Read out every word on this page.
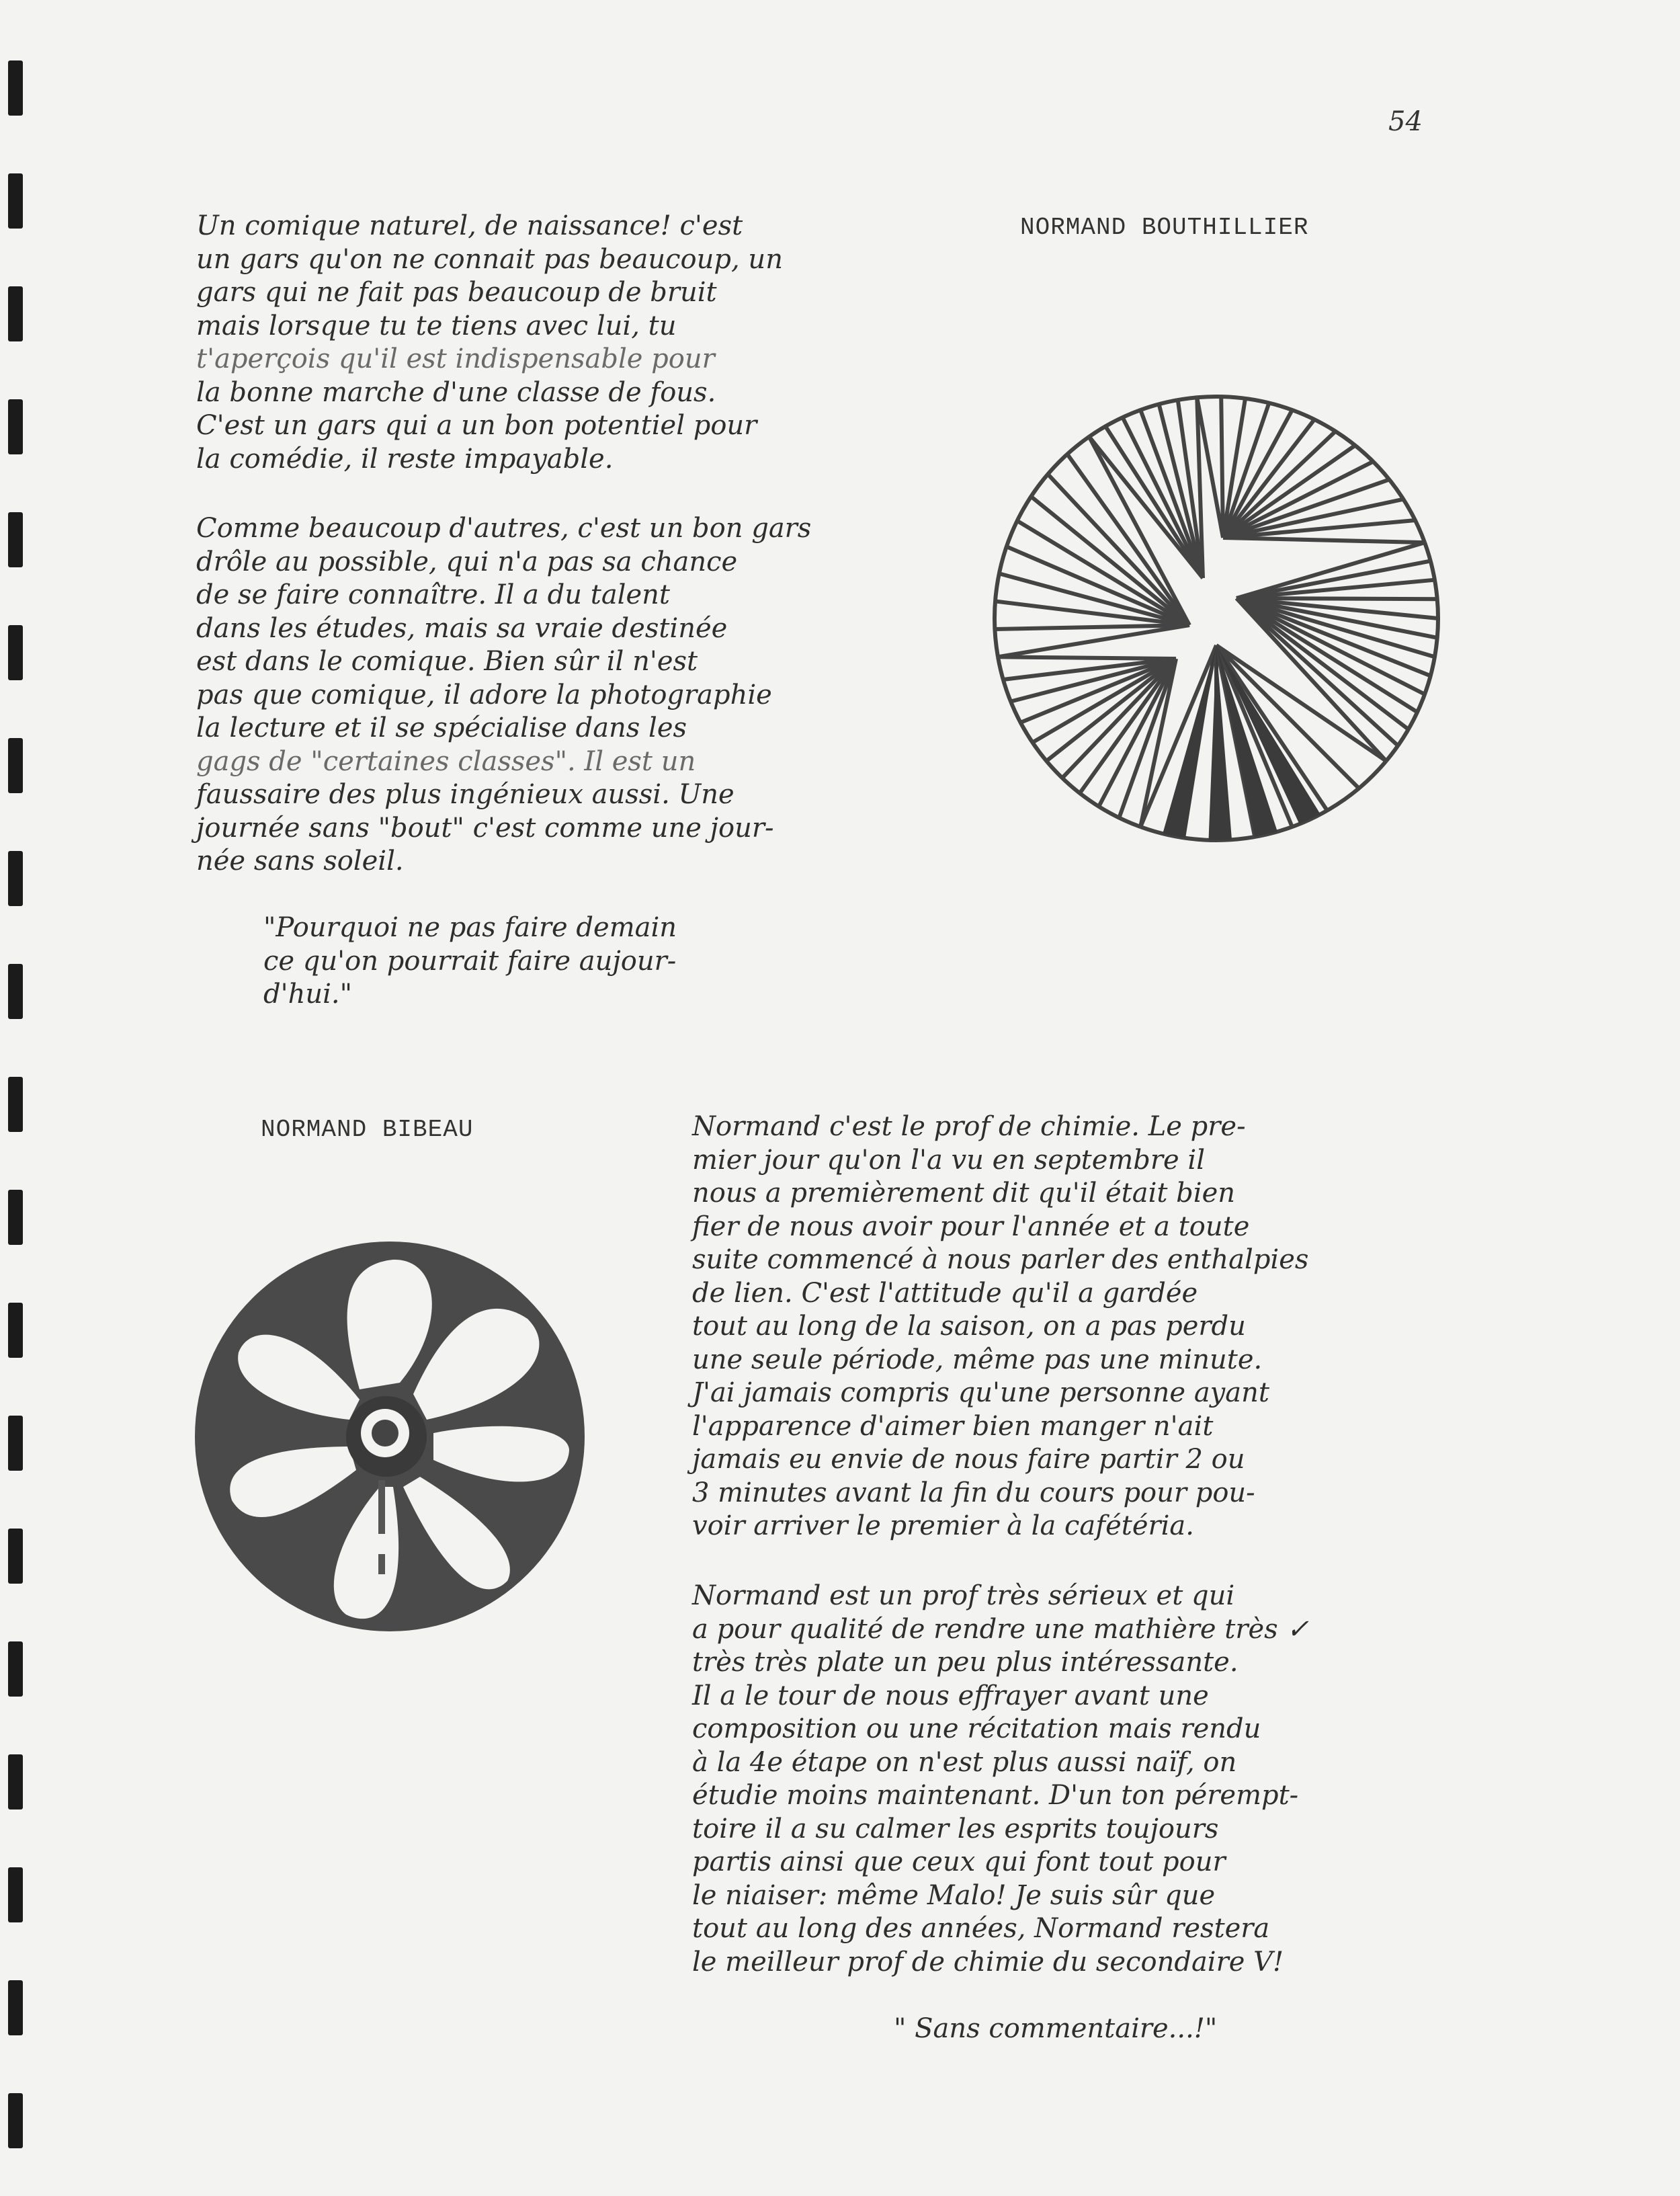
54
NORMAND BOUTHILLIER
Un comique naturel, de naissance! c'est
un gars qu'on ne connait pas beaucoup, un
gars qui ne fait pas beaucoup de bruit
mais lorsque tu te tiens avec lui, tu
t'aperçois qu'il est indispensable pour
la bonne marche d'une classe de fous.
C'est un gars qui a un bon potentiel pour
la comédie, il reste impayable.
Comme beaucoup d'autres, c'est un bon gars
drôle au possible, qui n'a pas sa chance
de se faire connaître. Il a du talent
dans les études, mais sa vraie destinée
est dans le comique. Bien sûr il n'est
pas que comique, il adore la photographie
la lecture et il se spécialise dans les
gags de "certaines classes". Il est un
faussaire des plus ingénieux aussi. Une
journée sans "bout" c'est comme une jour-
née sans soleil.
"Pourquoi ne pas faire demain
ce qu'on pourrait faire aujour-
d'hui."
NORMAND BIBEAU	Normand c'est le prof de chimie. Le pre-
mier jour qu'on l'a vu en septembre il
nous a premièrement dit qu'il était bien
fier de nous avoir pour l'année et a toute
suite commencé à nous parler des enthalpies
de lien. C'est l'attitude qu'il a gardée
tout au long de la saison, on a pas perdu
une seule période, même pas une minute.
J'ai jamais compris qu'une personne ayant
l'apparence d'aimer bien manger n'ait
jamais eu envie de nous faire partir 2 ou
3 minutes avant la fin du cours pour pou-
voir arriver le premier à la cafétéria.
Normand est un prof très sérieux et qui
a pour qualité de rendre une mathière très ✓
très très plate un peu plus intéressante.
Il a le tour de nous effrayer avant une
composition ou une récitation mais rendu
à la 4e étape on n'est plus aussi naïf, on
étudie moins maintenant. D'un ton pérempt-
toire il a su calmer les esprits toujours
partis ainsi que ceux qui font tout pour
le niaiser: même Malo! Je suis sûr que
tout au long des années, Normand restera
le meilleur prof de chimie du secondaire V!
" Sans commentaire...!"
